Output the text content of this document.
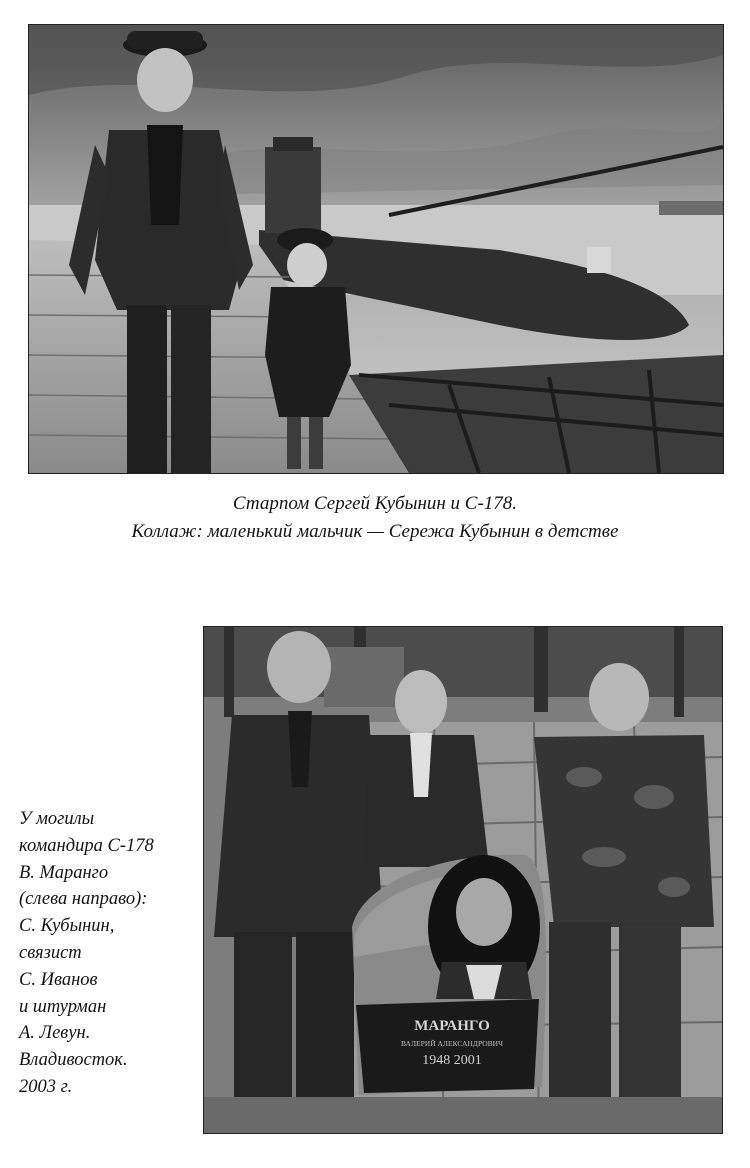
Старпом Сергей Кубынин и С-178.
Коллаж: маленький мальчик — Сережа Кубынин в детстве
МАРАНГО
ВАЛЕРИЙ АЛЕКСАНДРОВИЧ
1948 2001
У могилы
командира С-178
В. Маранго
(слева направо):
С. Кубынин,
связист
С. Иванов
и штурман
А. Левун.
Владивосток.
2003 г.
